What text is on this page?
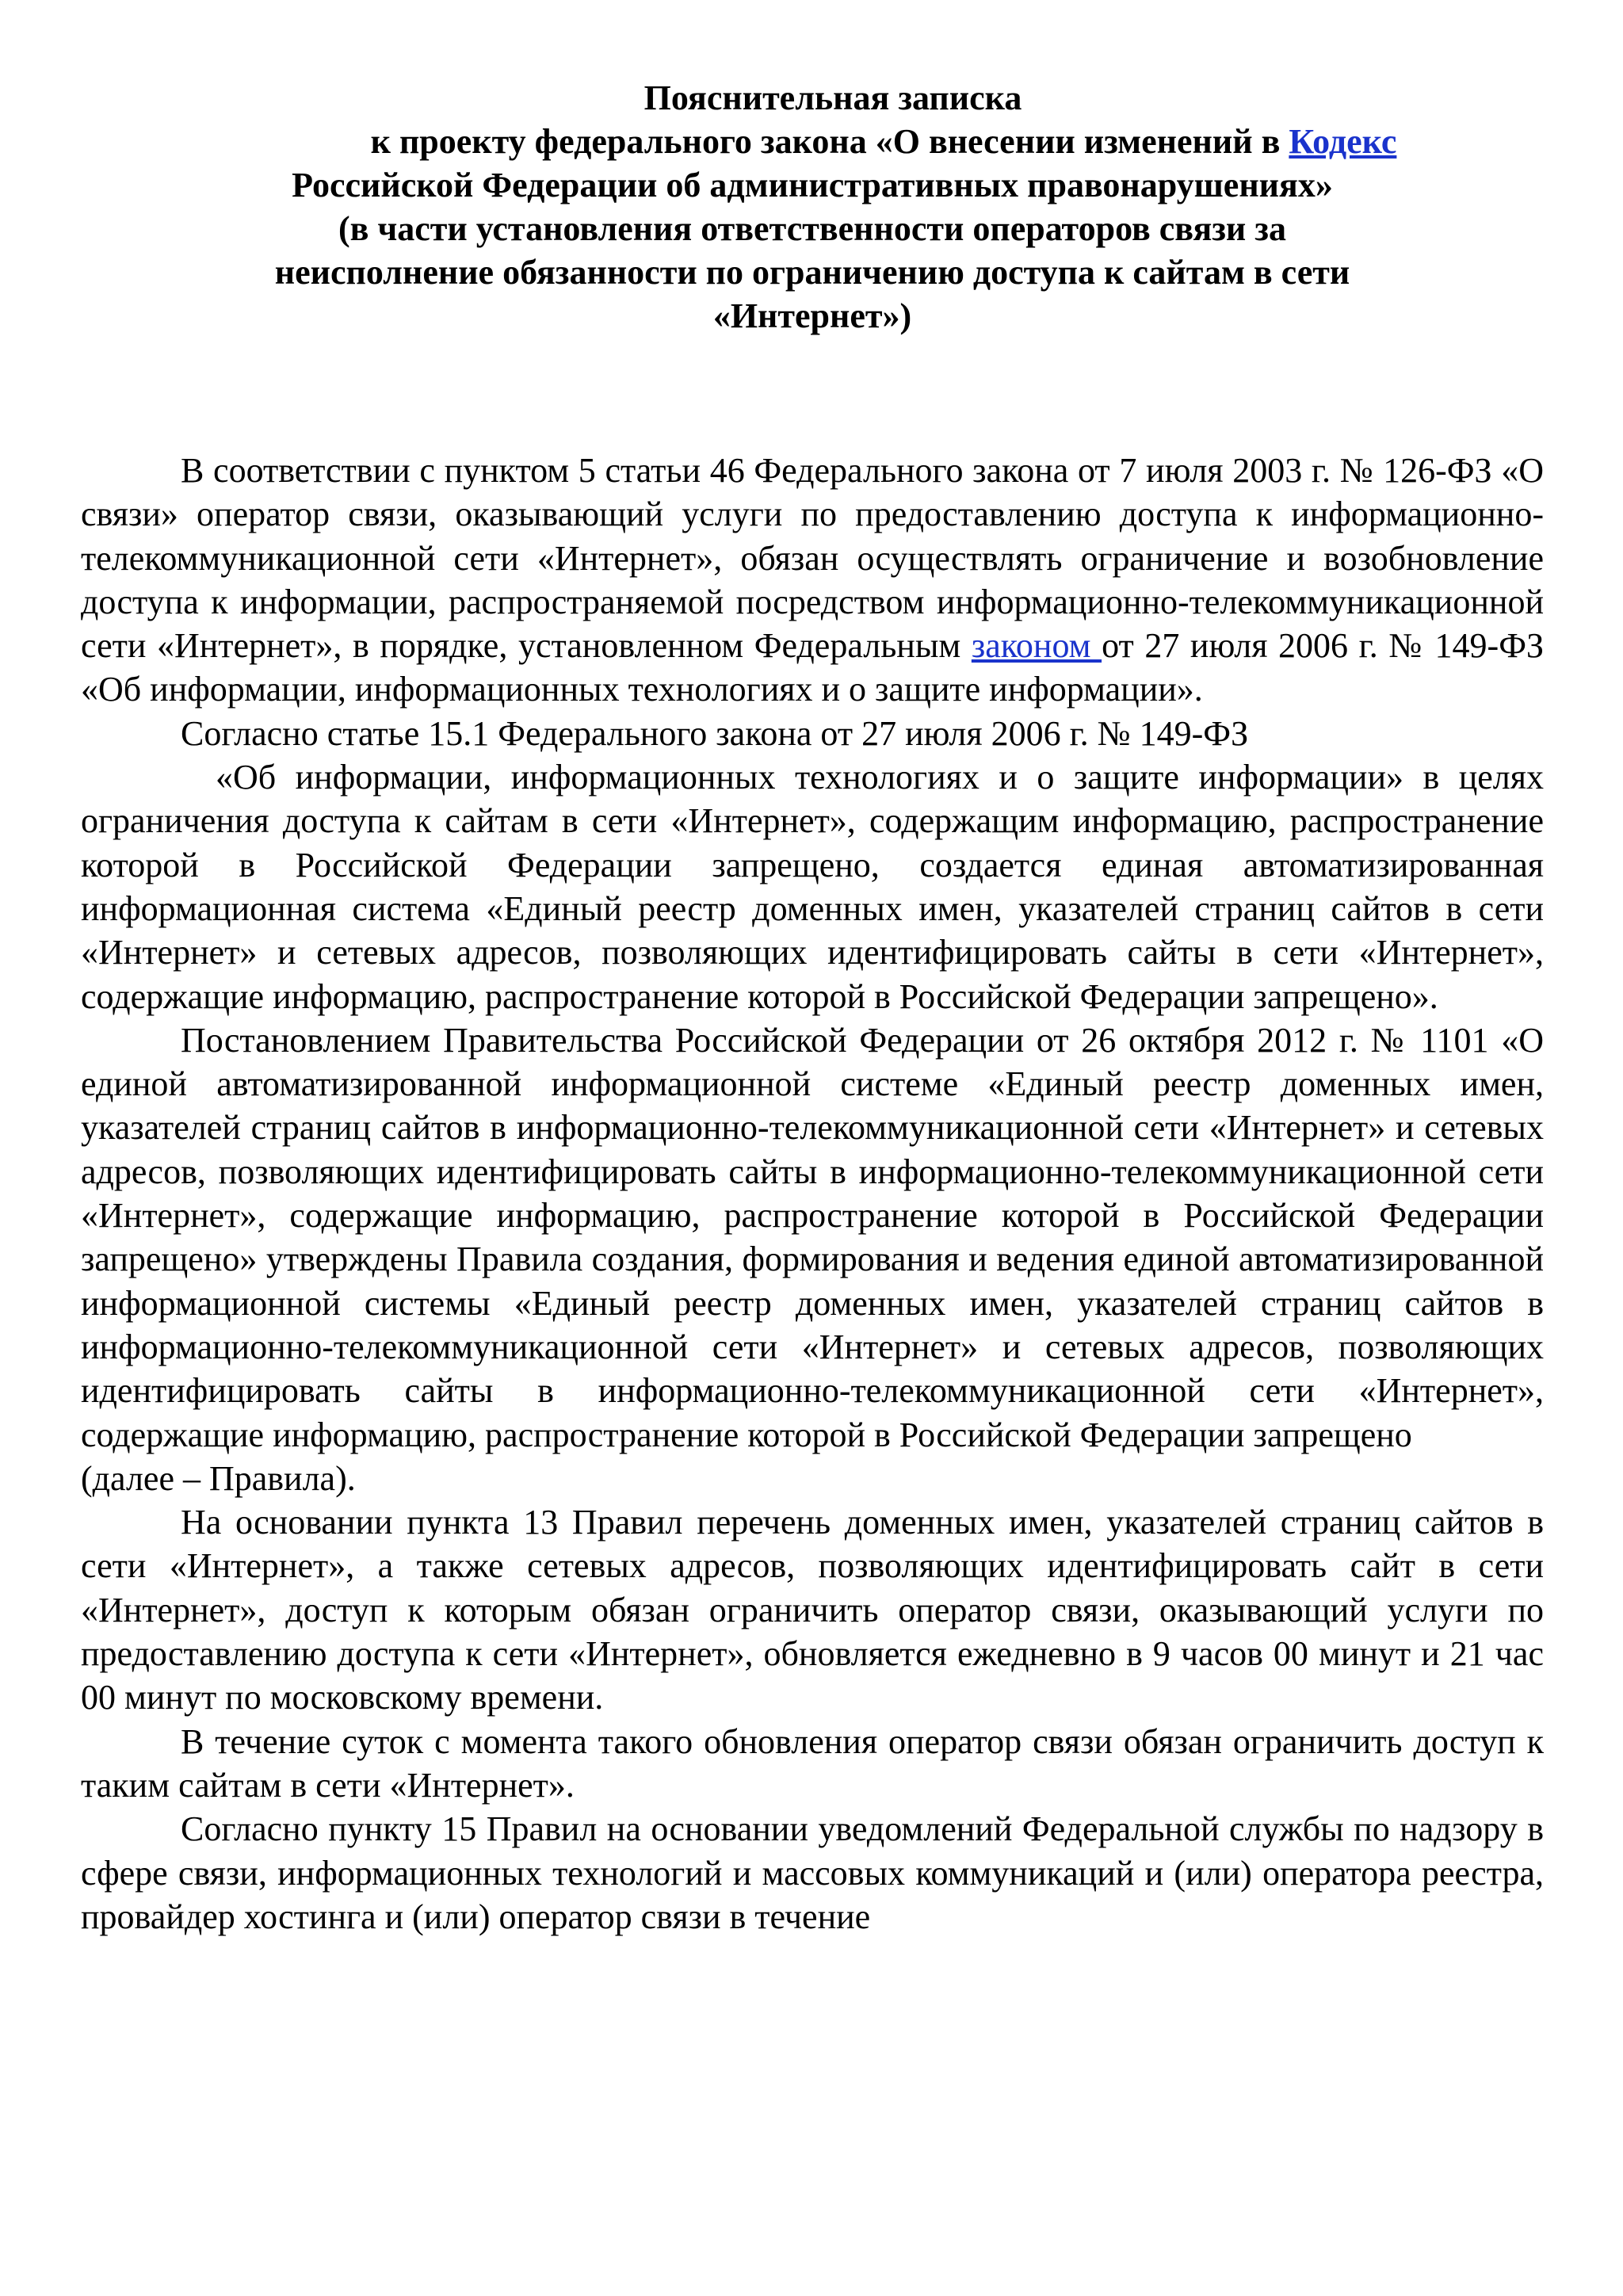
Пояснительная записка
к проекту федерального закона «О внесении изменений в Кодекс
Российской Федерации об административных правонарушениях»
(в части установления ответственности операторов связи за
неисполнение обязанности по ограничению доступа к сайтам в сети
«Интернет»)

В соответствии с пунктом 5 статьи 46 Федерального закона от 7 июля 2003 г. № 126-ФЗ «О связи» оператор связи, оказывающий услуги по предоставлению доступа к информационно-телекоммуникационной сети «Интернет», обязан осуществлять ограничение и возобновление доступа к информации, распространяемой посредством информационно-телекоммуникационной сети «Интернет», в порядке, установленном Федеральным законом от 27 июля 2006 г. № 149-ФЗ «Об информации, информационных технологиях и о защите информации».

Согласно статье 15.1 Федерального закона от 27 июля 2006 г. № 149-ФЗ

«Об информации, информационных технологиях и о защите информации» в целях ограничения доступа к сайтам в сети «Интернет», содержащим информацию, распространение которой в Российской Федерации запрещено, создается единая автоматизированная информационная система «Единый реестр доменных имен, указателей страниц сайтов в сети «Интернет» и сетевых адресов, позволяющих идентифицировать сайты в сети «Интернет», содержащие информацию, распространение которой в Российской Федерации запрещено».

Постановлением Правительства Российской Федерации от 26 октября 2012 г. № 1101 «О единой автоматизированной информационной системе «Единый реестр доменных имен, указателей страниц сайтов в информационно-телекоммуникационной сети «Интернет» и сетевых адресов, позволяющих идентифицировать сайты в информационно-телекоммуникационной сети «Интернет», содержащие информацию, распространение которой в Российской Федерации запрещено» утверждены Правила создания, формирования и ведения единой автоматизированной информационной системы «Единый реестр доменных имен, указателей страниц сайтов в информационно-телекоммуникационной сети «Интернет» и сетевых адресов, позволяющих идентифицировать сайты в информационно-телекоммуникационной сети «Интернет», содержащие информацию, распространение которой в Российской Федерации запрещено

(далее – Правила).

На основании пункта 13 Правил перечень доменных имен, указателей страниц сайтов в сети «Интернет», а также сетевых адресов, позволяющих идентифицировать сайт в сети «Интернет», доступ к которым обязан ограничить оператор связи, оказывающий услуги по предоставлению доступа к сети «Интернет», обновляется ежедневно в 9 часов 00 минут и 21 час 00 минут по московскому времени.

В течение суток с момента такого обновления оператор связи обязан ограничить доступ к таким сайтам в сети «Интернет».

Согласно пункту 15 Правил на основании уведомлений Федеральной службы по надзору в сфере связи, информационных технологий и массовых коммуникаций и (или) оператора реестра, провайдер хостинга и (или) оператор связи в течение
